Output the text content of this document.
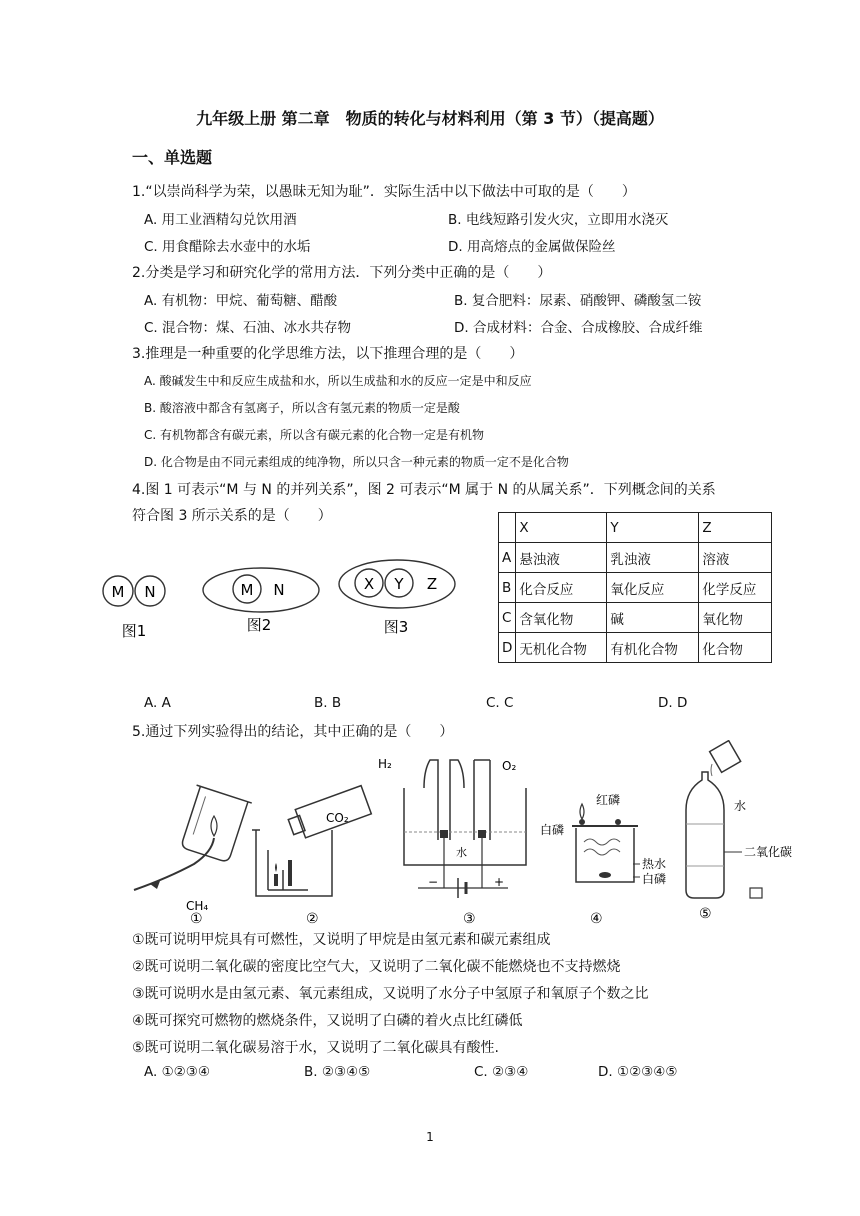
九年级上册 第二章　物质的转化与材料利用（第 3 节）（提高题）
一、单选题
1.“以崇尚科学为荣，以愚昧无知为耻”．实际生活中以下做法中可取的是（　　）
A. 用工业酒精勾兑饮用酒	B. 电线短路引发火灾，立即用水浇灭
C. 用食醋除去水壶中的水垢	D. 用高熔点的金属做保险丝
2.分类是学习和研究化学的常用方法．下列分类中正确的是（　　）
A. 有机物：甲烷、葡萄糖、醋酸	B. 复合肥料：尿素、硝酸钾、磷酸氢二铵
C. 混合物：煤、石油、冰水共存物	D. 合成材料：合金、合成橡胶、合成纤维
3.推理是一种重要的化学思维方法，以下推理合理的是（　　）
A. 酸碱发生中和反应生成盐和水，所以生成盐和水的反应一定是中和反应
B. 酸溶液中都含有氢离子，所以含有氢元素的物质一定是酸
C. 有机物都含有碳元素，所以含有碳元素的化合物一定是有机物
D. 化合物是由不同元素组成的纯净物，所以只含一种元素的物质一定不是化合物
4.图 1 可表示“M 与 N 的并列关系”，图 2 可表示“M 属于 N 的从属关系”．下列概念间的关系
符合图 3 所示关系的是（　　）
M N
图1
M N
图2
X Y Z
图3
	X	Y	Z
A	悬浊液	乳浊液	溶液
B	化合反应	氧化反应	化学反应
C	含氧化物	碱	氧化物
D	无机化合物	有机化合物	化合物
A. A	B. B	C. C	D. D
5.通过下列实验得出的结论，其中正确的是（　　）
CH₄
①
CO₂
②
H₂	O₂
水
−	+
③
红磷
白磷
热水
白磷
④
水
二氧化碳
⑤
①既可说明甲烷具有可燃性，又说明了甲烷是由氢元素和碳元素组成
②既可说明二氧化碳的密度比空气大，又说明了二氧化碳不能燃烧也不支持燃烧
③既可说明水是由氢元素、氧元素组成，又说明了水分子中氢原子和氧原子个数之比
④既可探究可燃物的燃烧条件，又说明了白磷的着火点比红磷低
⑤既可说明二氧化碳易溶于水，又说明了二氧化碳具有酸性.
A. ①②③④	B. ②③④⑤	C. ②③④	D. ①②③④⑤
1
